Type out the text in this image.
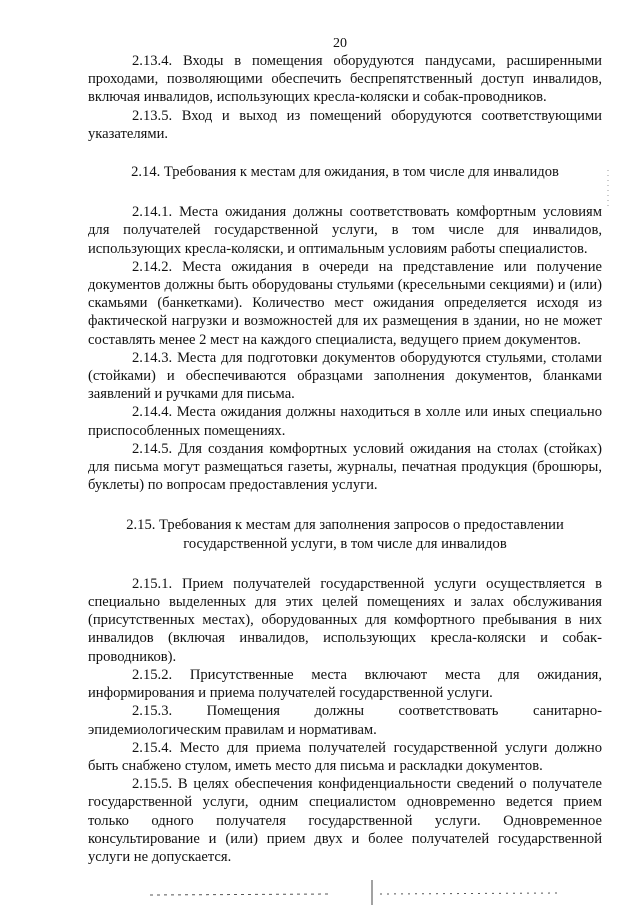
20

2.13.4. Входы в помещения оборудуются пандусами, расширенными проходами, позволяющими обеспечить беспрепятственный доступ инвалидов, включая инвалидов, использующих кресла-коляски и собак-проводников.

2.13.5. Вход и выход из помещений оборудуются соответствующими указателями.

2.14. Требования к местам для ожидания, в том числе для инвалидов

2.14.1. Места ожидания должны соответствовать комфортным условиям для получателей государственной услуги, в том числе для инвалидов, использующих кресла-коляски, и оптимальным условиям работы специалистов.

2.14.2. Места ожидания в очереди на представление или получение документов должны быть оборудованы стульями (кресельными секциями) и (или) скамьями (банкетками). Количество мест ожидания определяется исходя из фактической нагрузки и возможностей для их размещения в здании, но не может составлять менее 2 мест на каждого специалиста, ведущего прием документов.

2.14.3. Места для подготовки документов оборудуются стульями, столами (стойками) и обеспечиваются образцами заполнения документов, бланками заявлений и ручками для письма.

2.14.4. Места ожидания должны находиться в холле или иных специально приспособленных помещениях.

2.14.5. Для создания комфортных условий ожидания на столах (стойках) для письма могут размещаться газеты, журналы, печатная продукция (брошюры, буклеты) по вопросам предоставления услуги.

2.15. Требования к местам для заполнения запросов о предоставлении

государственной услуги, в том числе для инвалидов

2.15.1. Прием получателей государственной услуги осуществляется в специально выделенных для этих целей помещениях и залах обслуживания (присутственных местах), оборудованных для комфортного пребывания в них инвалидов (включая инвалидов, использующих кресла-коляски и собак-проводников).

2.15.2. Присутственные места включают места для ожидания, информирования и приема получателей государственной услуги.

2.15.3. Помещения должны соответствовать санитарно-эпидемиологическим правилам и нормативам.

2.15.4. Место для приема получателей государственной услуги должно быть снабжено стулом, иметь место для письма и раскладки документов.

2.15.5. В целях обеспечения конфиденциальности сведений о получателе государственной услуги, одним специалистом одновременно ведется прием только одного получателя государственной услуги. Одновременное консультирование и (или) прием двух и более получателей государственной услуги не допускается.
